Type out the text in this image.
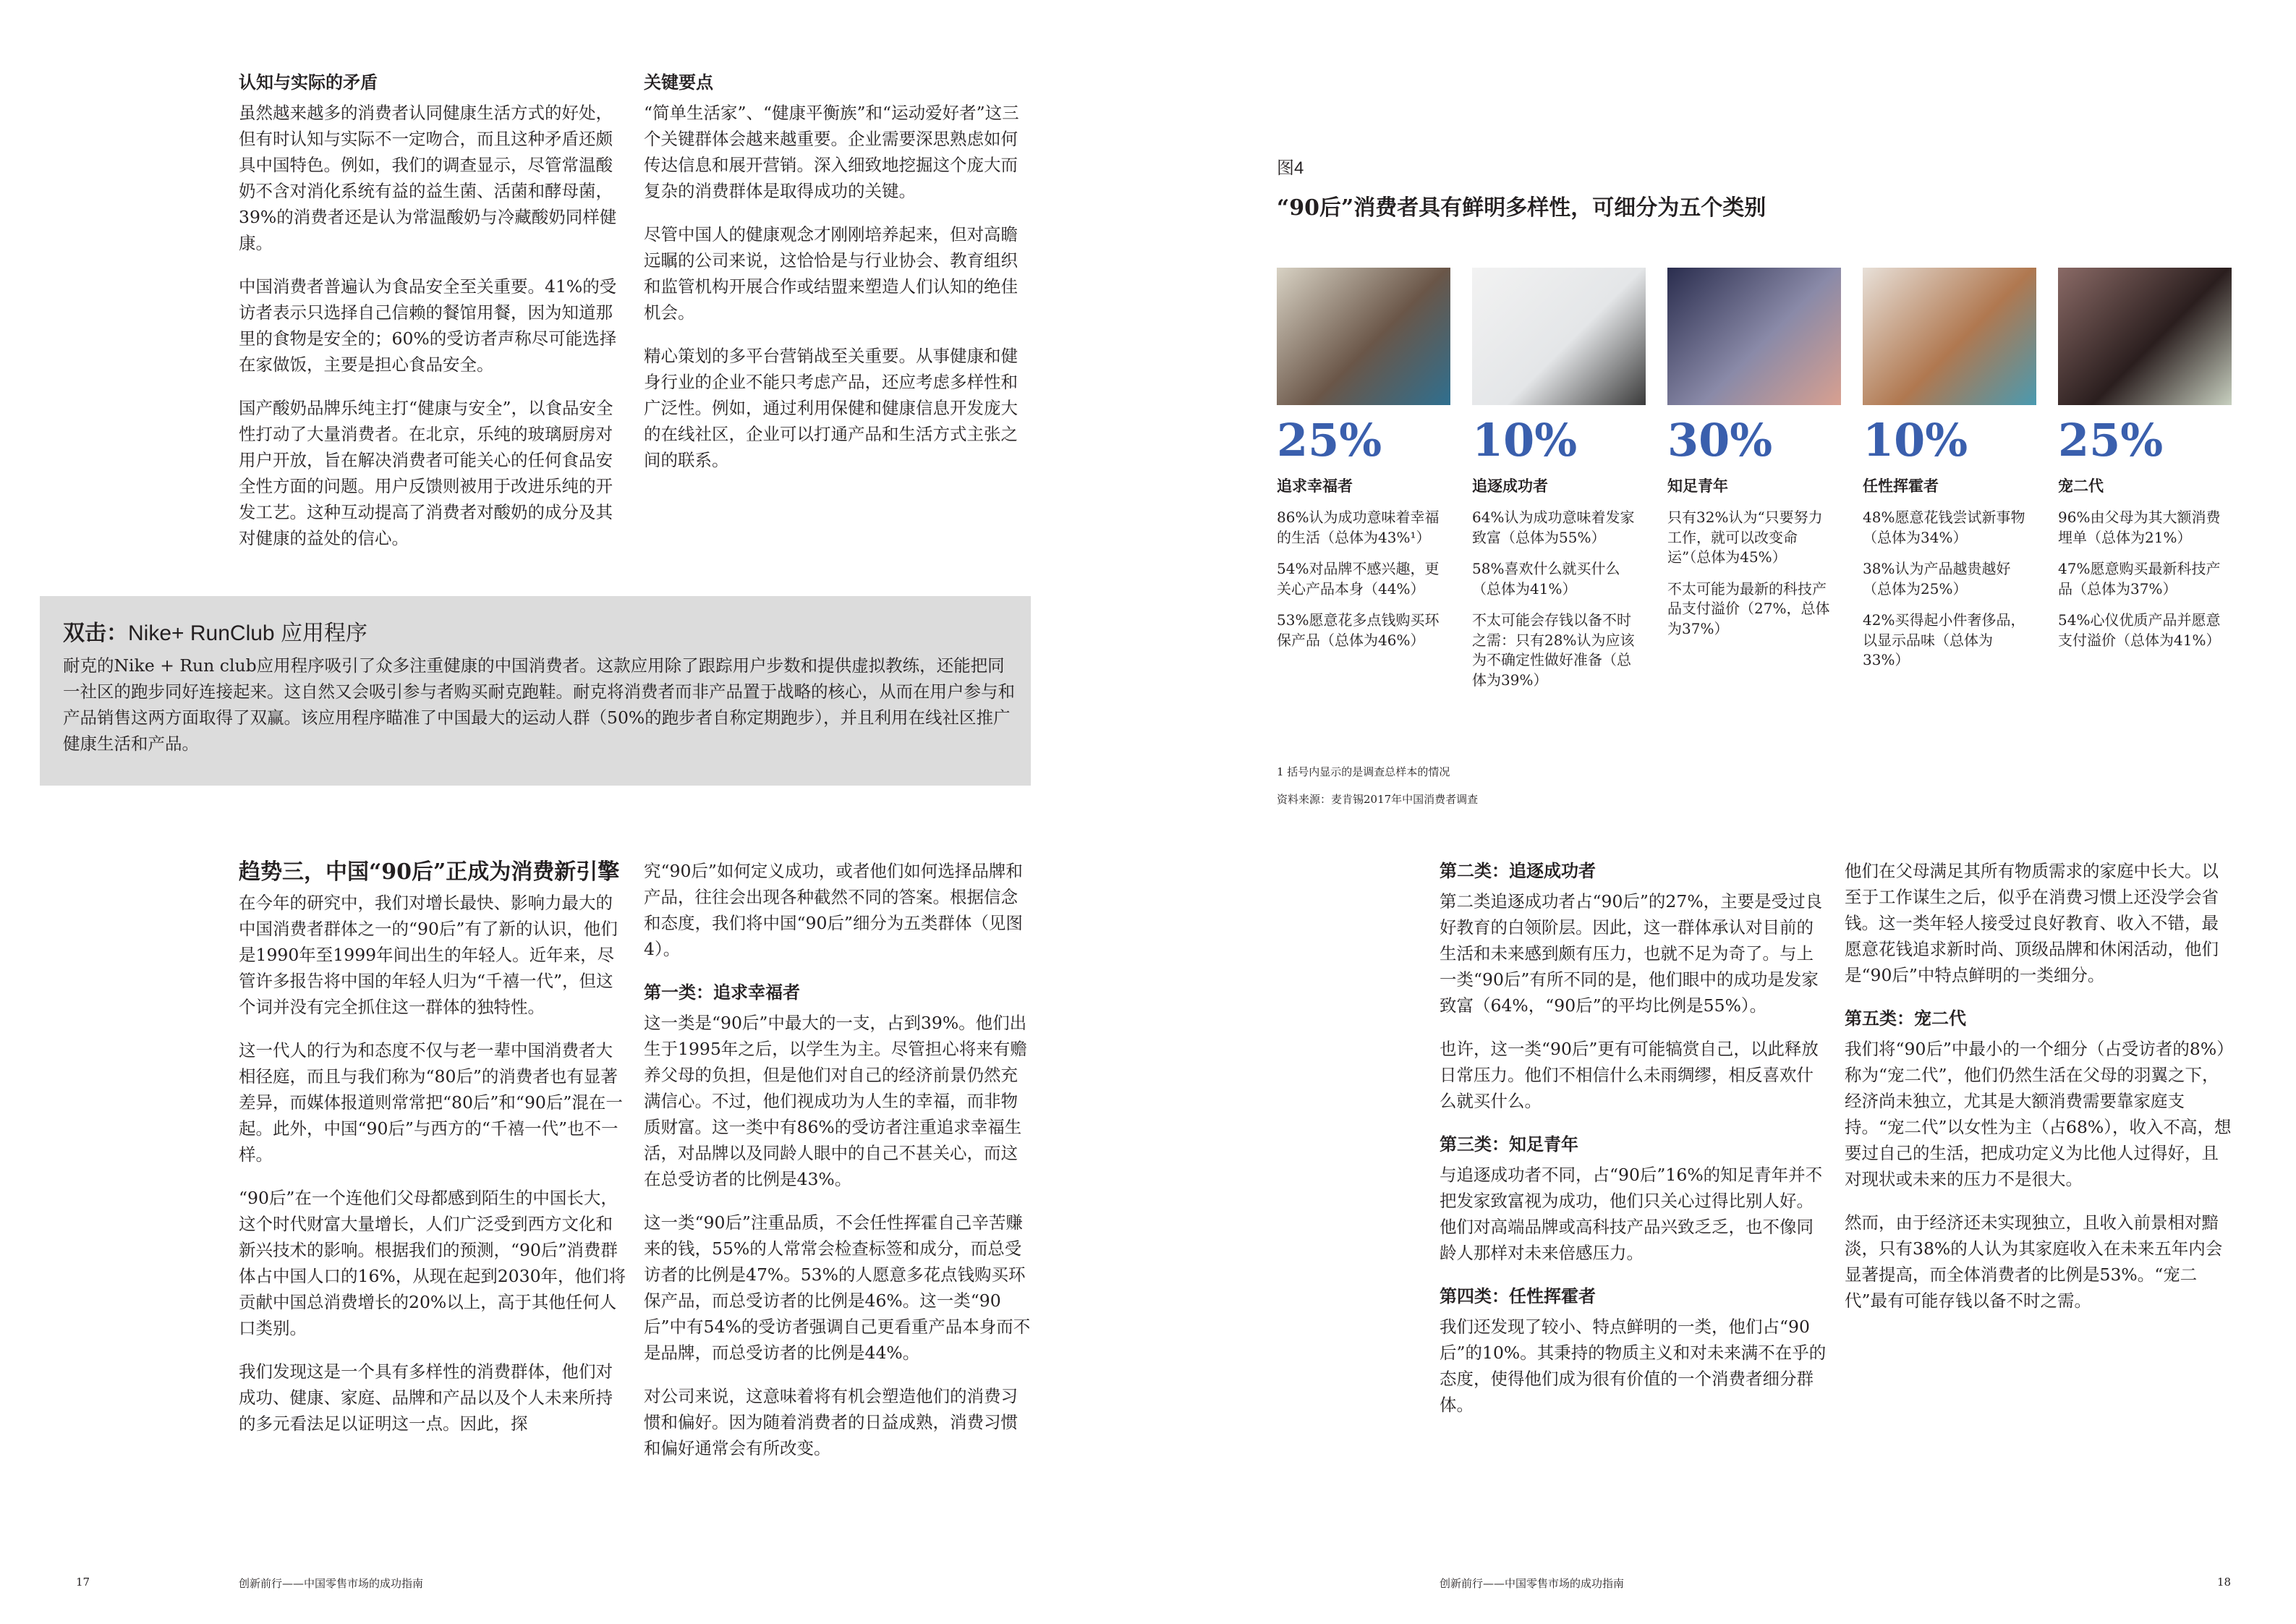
认知与实际的矛盾

虽然越来越多的消费者认同健康生活方式的好处，但有时认知与实际不一定吻合，而且这种矛盾还颇具中国特色。例如，我们的调查显示，尽管常温酸奶不含对消化系统有益的益生菌、活菌和酵母菌，39%的消费者还是认为常温酸奶与冷藏酸奶同样健康。

中国消费者普遍认为食品安全至关重要。41%的受访者表示只选择自己信赖的餐馆用餐，因为知道那里的食物是安全的；60%的受访者声称尽可能选择在家做饭，主要是担心食品安全。

国产酸奶品牌乐纯主打“健康与安全”，以食品安全性打动了大量消费者。在北京，乐纯的玻璃厨房对用户开放，旨在解决消费者可能关心的任何食品安全性方面的问题。用户反馈则被用于改进乐纯的开发工艺。这种互动提高了消费者对酸奶的成分及其对健康的益处的信心。

关键要点

“简单生活家”、“健康平衡族”和“运动爱好者”这三个关键群体会越来越重要。企业需要深思熟虑如何传达信息和展开营销。深入细致地挖掘这个庞大而复杂的消费群体是取得成功的关键。

尽管中国人的健康观念才刚刚培养起来，但对高瞻远瞩的公司来说，这恰恰是与行业协会、教育组织和监管机构开展合作或结盟来塑造人们认知的绝佳机会。

精心策划的多平台营销战至关重要。从事健康和健身行业的企业不能只考虑产品，还应考虑多样性和广泛性。例如，通过利用保健和健康信息开发庞大的在线社区，企业可以打通产品和生活方式主张之间的联系。

双击：Nike+ RunClub 应用程序
耐克的Nike + Run club应用程序吸引了众多注重健康的中国消费者。这款应用除了跟踪用户步数和提供虚拟教练，还能把同一社区的跑步同好连接起来。这自然又会吸引参与者购买耐克跑鞋。耐克将消费者而非产品置于战略的核心，从而在用户参与和产品销售这两方面取得了双赢。该应用程序瞄准了中国最大的运动人群（50%的跑步者自称定期跑步），并且利用在线社区推广健康生活和产品。
趋势三，中国“90后”正成为消费新引擎

在今年的研究中，我们对增长最快、影响力最大的中国消费者群体之一的“90后”有了新的认识，他们是1990年至1999年间出生的年轻人。近年来，尽管许多报告将中国的年轻人归为“千禧一代”，但这个词并没有完全抓住这一群体的独特性。

这一代人的行为和态度不仅与老一辈中国消费者大相径庭，而且与我们称为“80后”的消费者也有显著差异，而媒体报道则常常把“80后”和“90后”混在一起。此外，中国“90后”与西方的“千禧一代”也不一样。

“90后”在一个连他们父母都感到陌生的中国长大，这个时代财富大量增长，人们广泛受到西方文化和新兴技术的影响。根据我们的预测，“90后”消费群体占中国人口的16%，从现在起到2030年，他们将贡献中国总消费增长的20%以上，高于其他任何人口类别。

我们发现这是一个具有多样性的消费群体，他们对成功、健康、家庭、品牌和产品以及个人未来所持的多元看法足以证明这一点。因此，探

究“90后”如何定义成功，或者他们如何选择品牌和产品，往往会出现各种截然不同的答案。根据信念和态度，我们将中国“90后”细分为五类群体（见图4）。

第一类：追求幸福者

这一类是“90后”中最大的一支，占到39%。他们出生于1995年之后，以学生为主。尽管担心将来有赡养父母的负担，但是他们对自己的经济前景仍然充满信心。不过，他们视成功为人生的幸福，而非物质财富。这一类中有86%的受访者注重追求幸福生活，对品牌以及同龄人眼中的自己不甚关心，而这在总受访者的比例是43%。

这一类“90后”注重品质，不会任性挥霍自己辛苦赚来的钱，55%的人常常会检查标签和成分，而总受访者的比例是47%。53%的人愿意多花点钱购买环保产品，而总受访者的比例是46%。这一类“90后”中有54%的受访者强调自己更看重产品本身而不是品牌，而总受访者的比例是44%。

对公司来说，这意味着将有机会塑造他们的消费习惯和偏好。因为随着消费者的日益成熟，消费习惯和偏好通常会有所改变。

17	创新前行——中国零售市场的成功指南
图4
“90后”消费者具有鲜明多样性，可细分为五个类别
25%
追求幸福者
86%认为成功意味着幸福的生活（总体为43%¹）
54%对品牌不感兴趣，更关心产品本身（44%）
53%愿意花多点钱购买环保产品（总体为46%）
10%
追逐成功者
64%认为成功意味着发家致富（总体为55%）
58%喜欢什么就买什么（总体为41%）
不太可能会存钱以备不时之需：只有28%认为应该为不确定性做好准备（总体为39%）
30%
知足青年
只有32%认为“只要努力工作，就可以改变命运”（总体为45%）
不太可能为最新的科技产品支付溢价（27%，总体为37%）
10%
任性挥霍者
48%愿意花钱尝试新事物（总体为34%）
38%认为产品越贵越好（总体为25%）
42%买得起小件奢侈品，以显示品味（总体为33%）
25%
宠二代
96%由父母为其大额消费埋单（总体为21%）
47%愿意购买最新科技产品（总体为37%）
54%心仪优质产品并愿意支付溢价（总体为41%）
1 括号内显示的是调查总样本的情况
资料来源：麦肯锡2017年中国消费者调查
第二类：追逐成功者

第二类追逐成功者占“90后”的27%，主要是受过良好教育的白领阶层。因此，这一群体承认对目前的生活和未来感到颇有压力，也就不足为奇了。与上一类“90后”有所不同的是，他们眼中的成功是发家致富（64%，“90后”的平均比例是55%）。

也许，这一类“90后”更有可能犒赏自己，以此释放日常压力。他们不相信什么未雨绸缪，相反喜欢什么就买什么。

第三类：知足青年

与追逐成功者不同，占“90后”16%的知足青年并不把发家致富视为成功，他们只关心过得比别人好。他们对高端品牌或高科技产品兴致乏乏，也不像同龄人那样对未来倍感压力。

第四类：任性挥霍者

我们还发现了较小、特点鲜明的一类，他们占“90后”的10%。其秉持的物质主义和对未来满不在乎的态度，使得他们成为很有价值的一个消费者细分群体。

他们在父母满足其所有物质需求的家庭中长大。以至于工作谋生之后，似乎在消费习惯上还没学会省钱。这一类年轻人接受过良好教育、收入不错，最愿意花钱追求新时尚、顶级品牌和休闲活动，他们是“90后”中特点鲜明的一类细分。

第五类：宠二代

我们将“90后”中最小的一个细分（占受访者的8%）称为“宠二代”，他们仍然生活在父母的羽翼之下，经济尚未独立，尤其是大额消费需要靠家庭支持。“宠二代”以女性为主（占68%），收入不高，想要过自己的生活，把成功定义为比他人过得好，且对现状或未来的压力不是很大。

然而，由于经济还未实现独立，且收入前景相对黯淡，只有38%的人认为其家庭收入在未来五年内会显著提高，而全体消费者的比例是53%。“宠二代”最有可能存钱以备不时之需。

创新前行——中国零售市场的成功指南	18
